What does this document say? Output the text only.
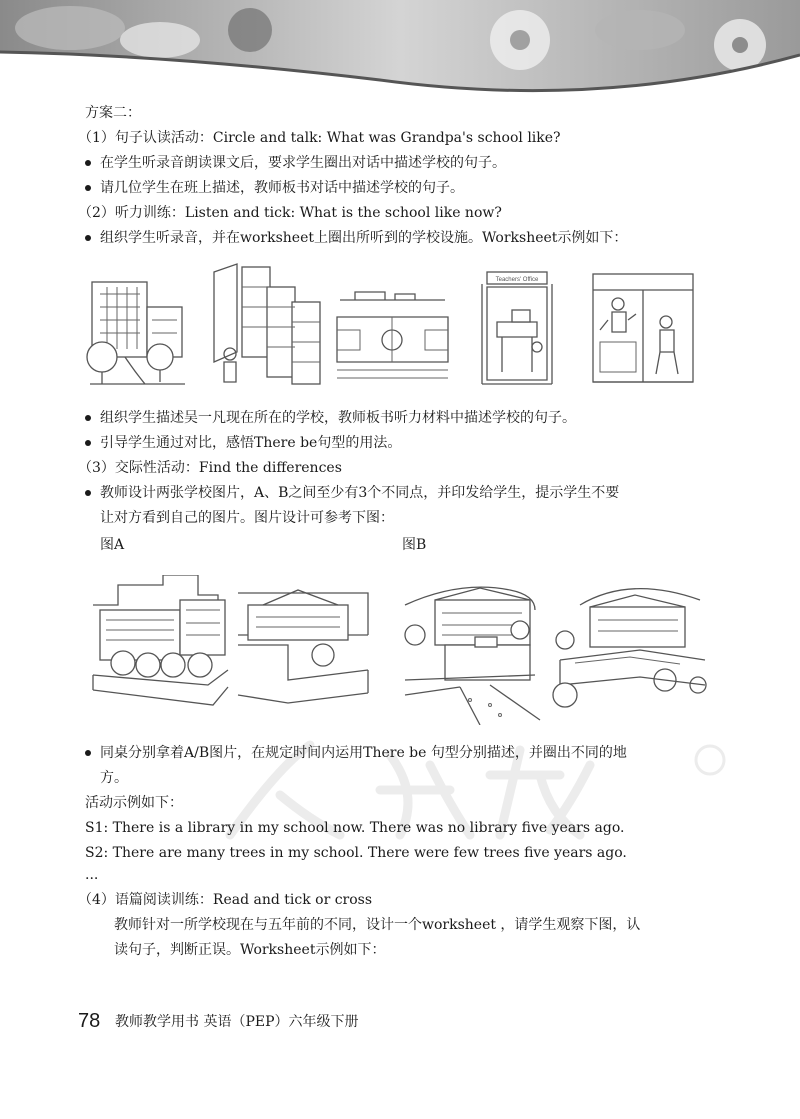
方案二：
（1）句子认读活动：Circle and talk: What was Grandpa's school like?
在学生听录音朗读课文后，要求学生圈出对话中描述学校的句子。
请几位学生在班上描述，教师板书对话中描述学校的句子。
（2）听力训练：Listen and tick: What is the school like now?
组织学生听录音，并在worksheet上圈出所听到的学校设施。Worksheet示例如下：
Teachers' Office
组织学生描述吴一凡现在所在的学校，教师板书听力材料中描述学校的句子。
引导学生通过对比，感悟There be句型的用法。
（3）交际性活动：Find the differences
教师设计两张学校图片，A、B之间至少有3个不同点，并印发给学生，提示学生不要
让对方看到自己的图片。图片设计可参考下图：
图A	图B
同桌分别拿着A/B图片，在规定时间内运用There be 句型分别描述，并圈出不同的地
方。
活动示例如下：
S1: There is a library in my school now. There was no library five years ago.
S2: There are many trees in my school. There were few trees five years ago.
...
（4）语篇阅读训练：Read and tick or cross
教师针对一所学校现在与五年前的不同，设计一个worksheet ，请学生观察下图，认
读句子，判断正误。Worksheet示例如下：
78 教师教学用书 英语（PEP）六年级下册
